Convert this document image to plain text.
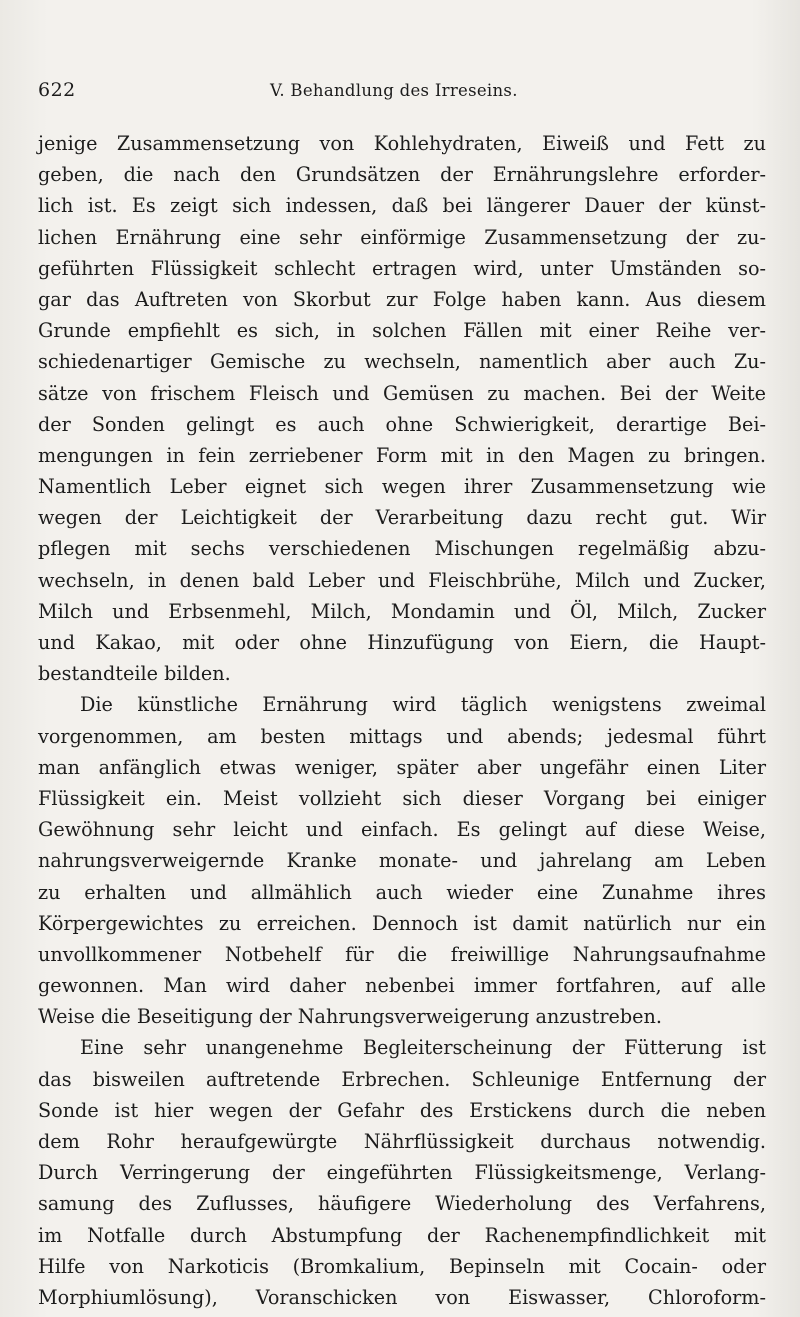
622	V. Behandlung des Irreseins.
jenige Zusammensetzung von Kohlehydraten, Eiweiß und Fett zu
geben, die nach den Grundsätzen der Ernährungslehre erforder-
lich ist. Es zeigt sich indessen, daß bei längerer Dauer der künst-
lichen Ernährung eine sehr einförmige Zusammensetzung der zu-
geführten Flüssigkeit schlecht ertragen wird, unter Umständen so-
gar das Auftreten von Skorbut zur Folge haben kann. Aus diesem
Grunde empfiehlt es sich, in solchen Fällen mit einer Reihe ver-
schiedenartiger Gemische zu wechseln, namentlich aber auch Zu-
sätze von frischem Fleisch und Gemüsen zu machen. Bei der Weite
der Sonden gelingt es auch ohne Schwierigkeit, derartige Bei-
mengungen in fein zerriebener Form mit in den Magen zu bringen.
Namentlich Leber eignet sich wegen ihrer Zusammensetzung wie
wegen der Leichtigkeit der Verarbeitung dazu recht gut. Wir
pflegen mit sechs verschiedenen Mischungen regelmäßig abzu-
wechseln, in denen bald Leber und Fleischbrühe, Milch und Zucker,
Milch und Erbsenmehl, Milch, Mondamin und Öl, Milch, Zucker
und Kakao, mit oder ohne Hinzufügung von Eiern, die Haupt-
bestandteile bilden.
Die künstliche Ernährung wird täglich wenigstens zweimal
vorgenommen, am besten mittags und abends; jedesmal führt
man anfänglich etwas weniger, später aber ungefähr einen Liter
Flüssigkeit ein. Meist vollzieht sich dieser Vorgang bei einiger
Gewöhnung sehr leicht und einfach. Es gelingt auf diese Weise,
nahrungsverweigernde Kranke monate- und jahrelang am Leben
zu erhalten und allmählich auch wieder eine Zunahme ihres
Körpergewichtes zu erreichen. Dennoch ist damit natürlich nur ein
unvollkommener Notbehelf für die freiwillige Nahrungsaufnahme
gewonnen. Man wird daher nebenbei immer fortfahren, auf alle
Weise die Beseitigung der Nahrungsverweigerung anzustreben.
Eine sehr unangenehme Begleiterscheinung der Fütterung ist
das bisweilen auftretende Erbrechen. Schleunige Entfernung der
Sonde ist hier wegen der Gefahr des Erstickens durch die neben
dem Rohr heraufgewürgte Nährflüssigkeit durchaus notwendig.
Durch Verringerung der eingeführten Flüssigkeitsmenge, Verlang-
samung des Zuflusses, häufigere Wiederholung des Verfahrens,
im Notfalle durch Abstumpfung der Rachenempfindlichkeit mit
Hilfe von Narkoticis (Bromkalium, Bepinseln mit Cocain- oder
Morphiumlösung), Voranschicken von Eiswasser, Chloroform-
